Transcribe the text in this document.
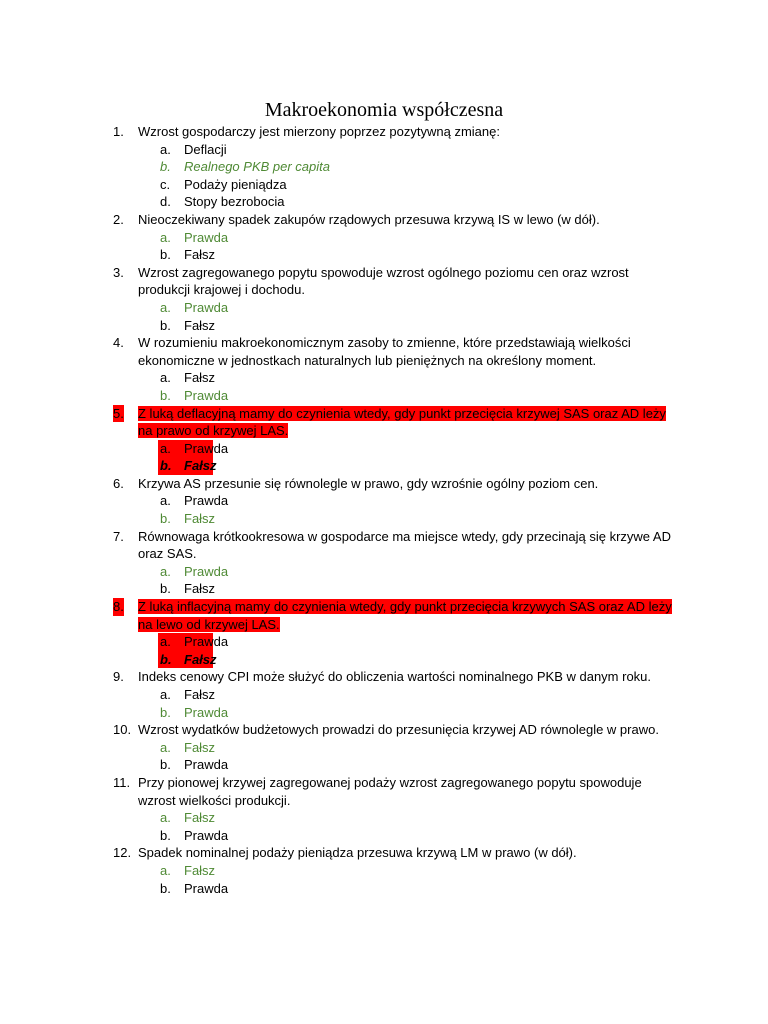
Makroekonomia współczesna
1. Wzrost gospodarczy jest mierzony poprzez pozytywną zmianę:
a. Deflacji
b. Realnego PKB per capita
c. Podaży pieniądza
d. Stopy bezrobocia
2. Nieoczekiwany spadek zakupów rządowych przesuwa krzywą IS w lewo (w dół).
a. Prawda
b. Fałsz
3. Wzrost zagregowanego popytu spowoduje wzrost ogólnego poziomu cen oraz wzrost produkcji krajowej i dochodu.
a. Prawda
b. Fałsz
4. W rozumieniu makroekonomicznym zasoby to zmienne, które przedstawiają wielkości ekonomiczne w jednostkach naturalnych lub pieniężnych na określony moment.
a. Fałsz
b. Prawda
5. Z luką deflacyjną mamy do czynienia wtedy, gdy punkt przecięcia krzywej SAS oraz AD leży na prawo od krzywej LAS.
a. Prawda
b. Fałsz
6. Krzywa AS przesunie się równolegle w prawo, gdy wzrośnie ogólny poziom cen.
a. Prawda
b. Fałsz
7. Równowaga krótkookresowa w gospodarce ma miejsce wtedy, gdy przecinają się krzywe AD oraz SAS.
a. Prawda
b. Fałsz
8. Z luką inflacyjną mamy do czynienia wtedy, gdy punkt przecięcia krzywych SAS oraz AD leży na lewo od krzywej LAS.
a. Prawda
b. Fałsz
9. Indeks cenowy CPI może służyć do obliczenia wartości nominalnego PKB w danym roku.
a. Fałsz
b. Prawda
10. Wzrost wydatków budżetowych prowadzi do przesunięcia krzywej AD równolegle w prawo.
a. Fałsz
b. Prawda
11. Przy pionowej krzywej zagregowanej podaży wzrost zagregowanego popytu spowoduje wzrost wielkości produkcji.
a. Fałsz
b. Prawda
12. Spadek nominalnej podaży pieniądza przesuwa krzywą LM w prawo (w dół).
a. Fałsz
b. Prawda
